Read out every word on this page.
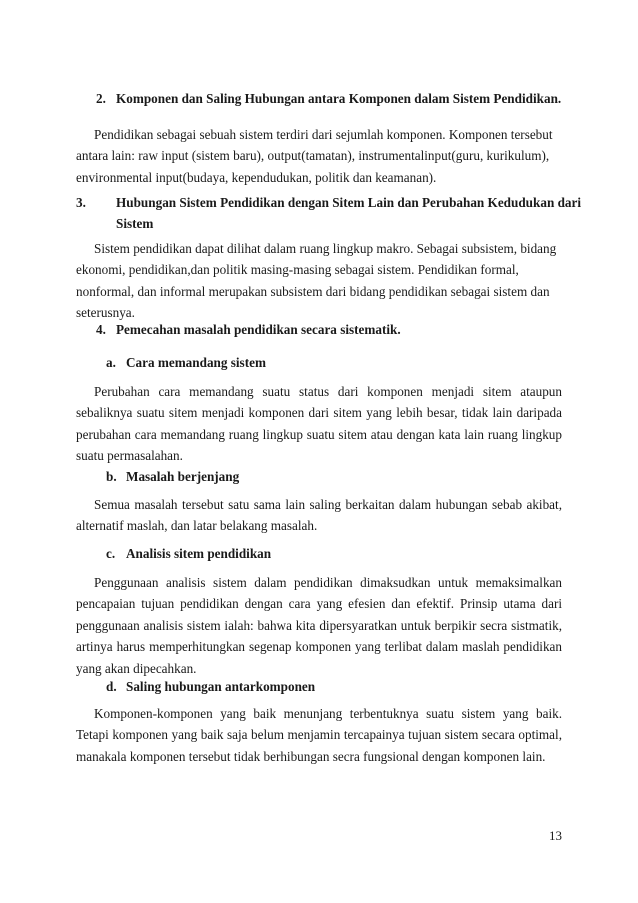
2. Komponen dan Saling Hubungan antara Komponen dalam Sistem Pendidikan.

Pendidikan sebagai sebuah sistem terdiri dari sejumlah komponen. Komponen tersebut antara lain: raw input (sistem baru), output(tamatan), instrumentalinput(guru, kurikulum), environmental input(budaya, kependudukan, politik dan keamanan).

3. Hubungan Sistem Pendidikan dengan Sitem Lain dan Perubahan Kedudukan dari Sistem

Sistem pendidikan dapat dilihat dalam ruang lingkup makro. Sebagai subsistem, bidang ekonomi, pendidikan,dan politik masing-masing sebagai sistem. Pendidikan formal, nonformal, dan informal merupakan subsistem dari bidang pendidikan sebagai sistem dan seterusnya.

4. Pemecahan masalah pendidikan secara sistematik.
a. Cara memandang sistem

Perubahan cara memandang suatu status dari komponen menjadi sitem ataupun sebaliknya suatu sitem menjadi komponen dari sitem yang lebih besar, tidak lain daripada perubahan cara memandang ruang lingkup suatu sitem atau dengan kata lain ruang lingkup suatu permasalahan.

b. Masalah berjenjang

Semua masalah tersebut satu sama lain saling berkaitan dalam hubungan sebab akibat, alternatif maslah, dan latar belakang masalah.

c. Analisis sitem pendidikan

Penggunaan analisis sistem dalam pendidikan dimaksudkan untuk memaksimalkan pencapaian tujuan pendidikan dengan cara yang efesien dan efektif. Prinsip utama dari penggunaan analisis sistem ialah: bahwa kita dipersyaratkan untuk berpikir secra sistmatik, artinya harus memperhitungkan segenap komponen yang terlibat dalam maslah pendidikan yang akan dipecahkan.

d. Saling hubungan antarkomponen

Komponen-komponen yang baik menunjang terbentuknya suatu sistem yang baik. Tetapi komponen yang baik saja belum menjamin tercapainya tujuan sistem secara optimal, manakala komponen tersebut tidak berhibungan secra fungsional dengan komponen lain.

13
